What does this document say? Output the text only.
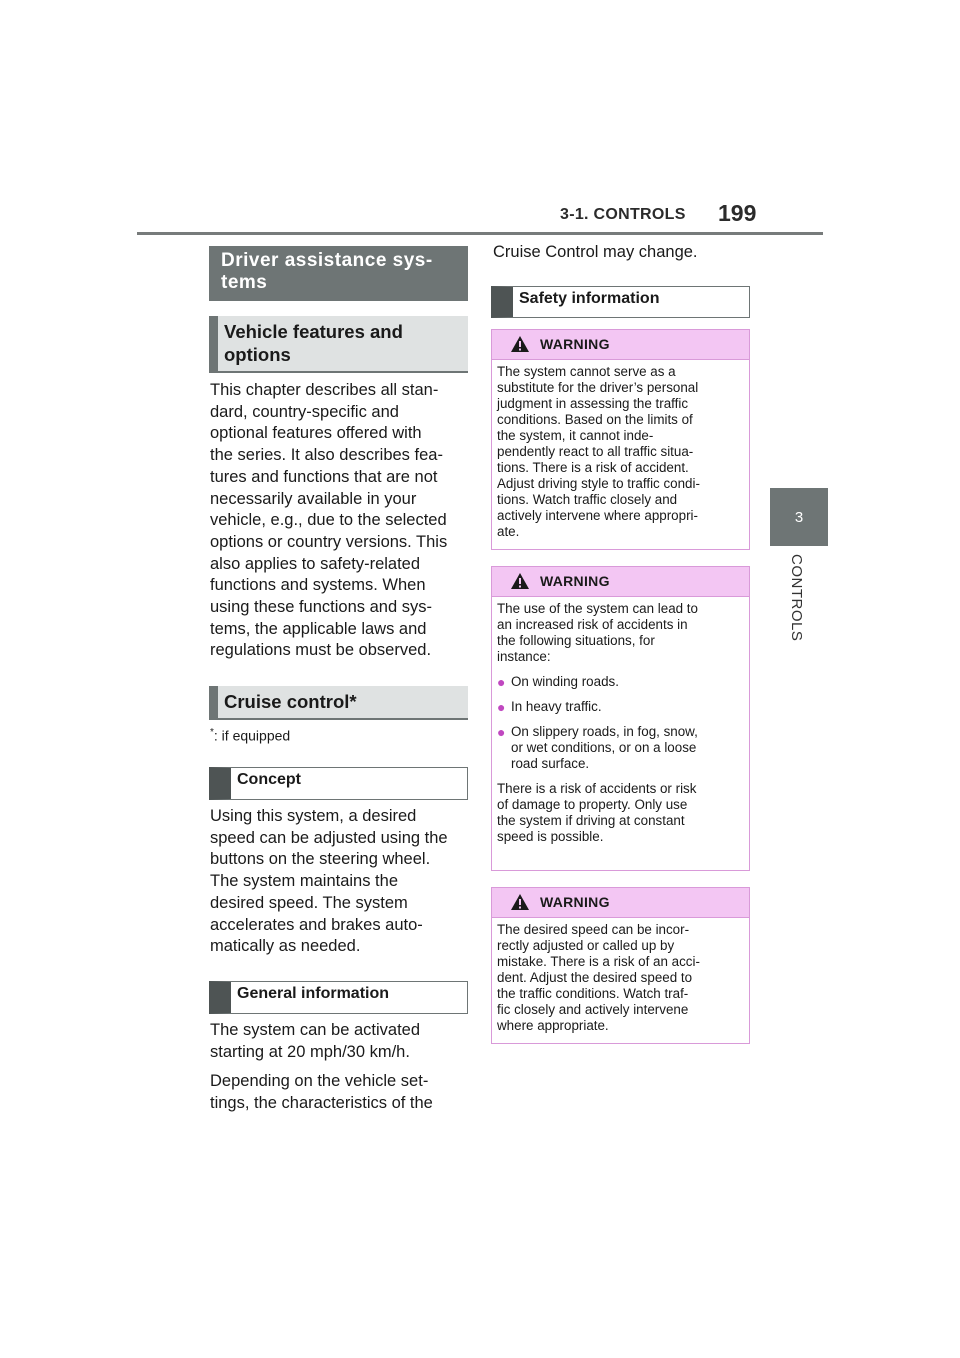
3-1. CONTROLS 199
3
CONTROLS
Driver assistance sys-
tems
Vehicle features and options
This chapter describes all stan-
dard, country-specific and
optional features offered with
the series. It also describes fea-
tures and functions that are not
necessarily available in your
vehicle, e.g., due to the selected
options or country versions. This
also applies to safety-related
functions and systems. When
using these functions and sys-
tems, the applicable laws and
regulations must be observed.
Cruise control*
*: if equipped
Concept
Using this system, a desired
speed can be adjusted using the
buttons on the steering wheel.
The system maintains the
desired speed. The system
accelerates and brakes auto-
matically as needed.
General information
The system can be activated
starting at 20 mph/30 km/h.
Depending on the vehicle set-
tings, the characteristics of the
Cruise Control may change.
Safety information
WARNING

The system cannot serve as a
substitute for the driver’s personal
judgment in assessing the traffic
conditions. Based on the limits of
the system, it cannot inde-
pendently react to all traffic situa-
tions. There is a risk of accident.
Adjust driving style to traffic condi-
tions. Watch traffic closely and
actively intervene where appropri-
ate.

WARNING

The use of the system can lead to
an increased risk of accidents in
the following situations, for
instance:

● On winding roads.
● In heavy traffic.
● On slippery roads, in fog, snow,
or wet conditions, or on a loose
road surface.

There is a risk of accidents or risk
of damage to property. Only use
the system if driving at constant
speed is possible.

WARNING

The desired speed can be incor-
rectly adjusted or called up by
mistake. There is a risk of an acci-
dent. Adjust the desired speed to
the traffic conditions. Watch traf-
fic closely and actively intervene
where appropriate.
